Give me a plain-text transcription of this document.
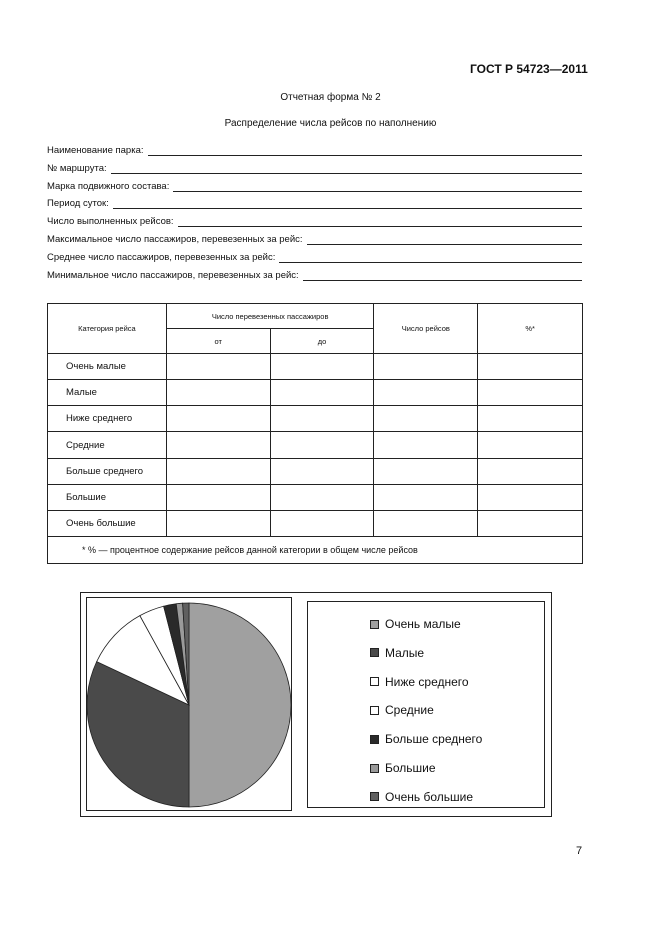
ГОСТ Р 54723—2011
Отчетная форма № 2
Распределение числа рейсов по наполнению
Наименование парка:
№ маршрута:
Марка подвижного состава:
Период суток:
Число выполненных рейсов:
Максимальное число пассажиров, перевезенных за рейс:
Среднее число пассажиров, перевезенных за рейс:
Минимальное число пассажиров, перевезенных за рейс:
Категория рейса	Число перевезенных пассажиров		Число рейсов	%*
	от	до		
Очень малые				
Малые				
Ниже среднего				
Средние				
Больше среднего				
Большие				
Очень большие				
* % — процентное содержание рейсов данной категории в общем числе рейсов				
Очень малые
Малые
Ниже среднего
Средние
Больше среднего
Большие
Очень большие
7
